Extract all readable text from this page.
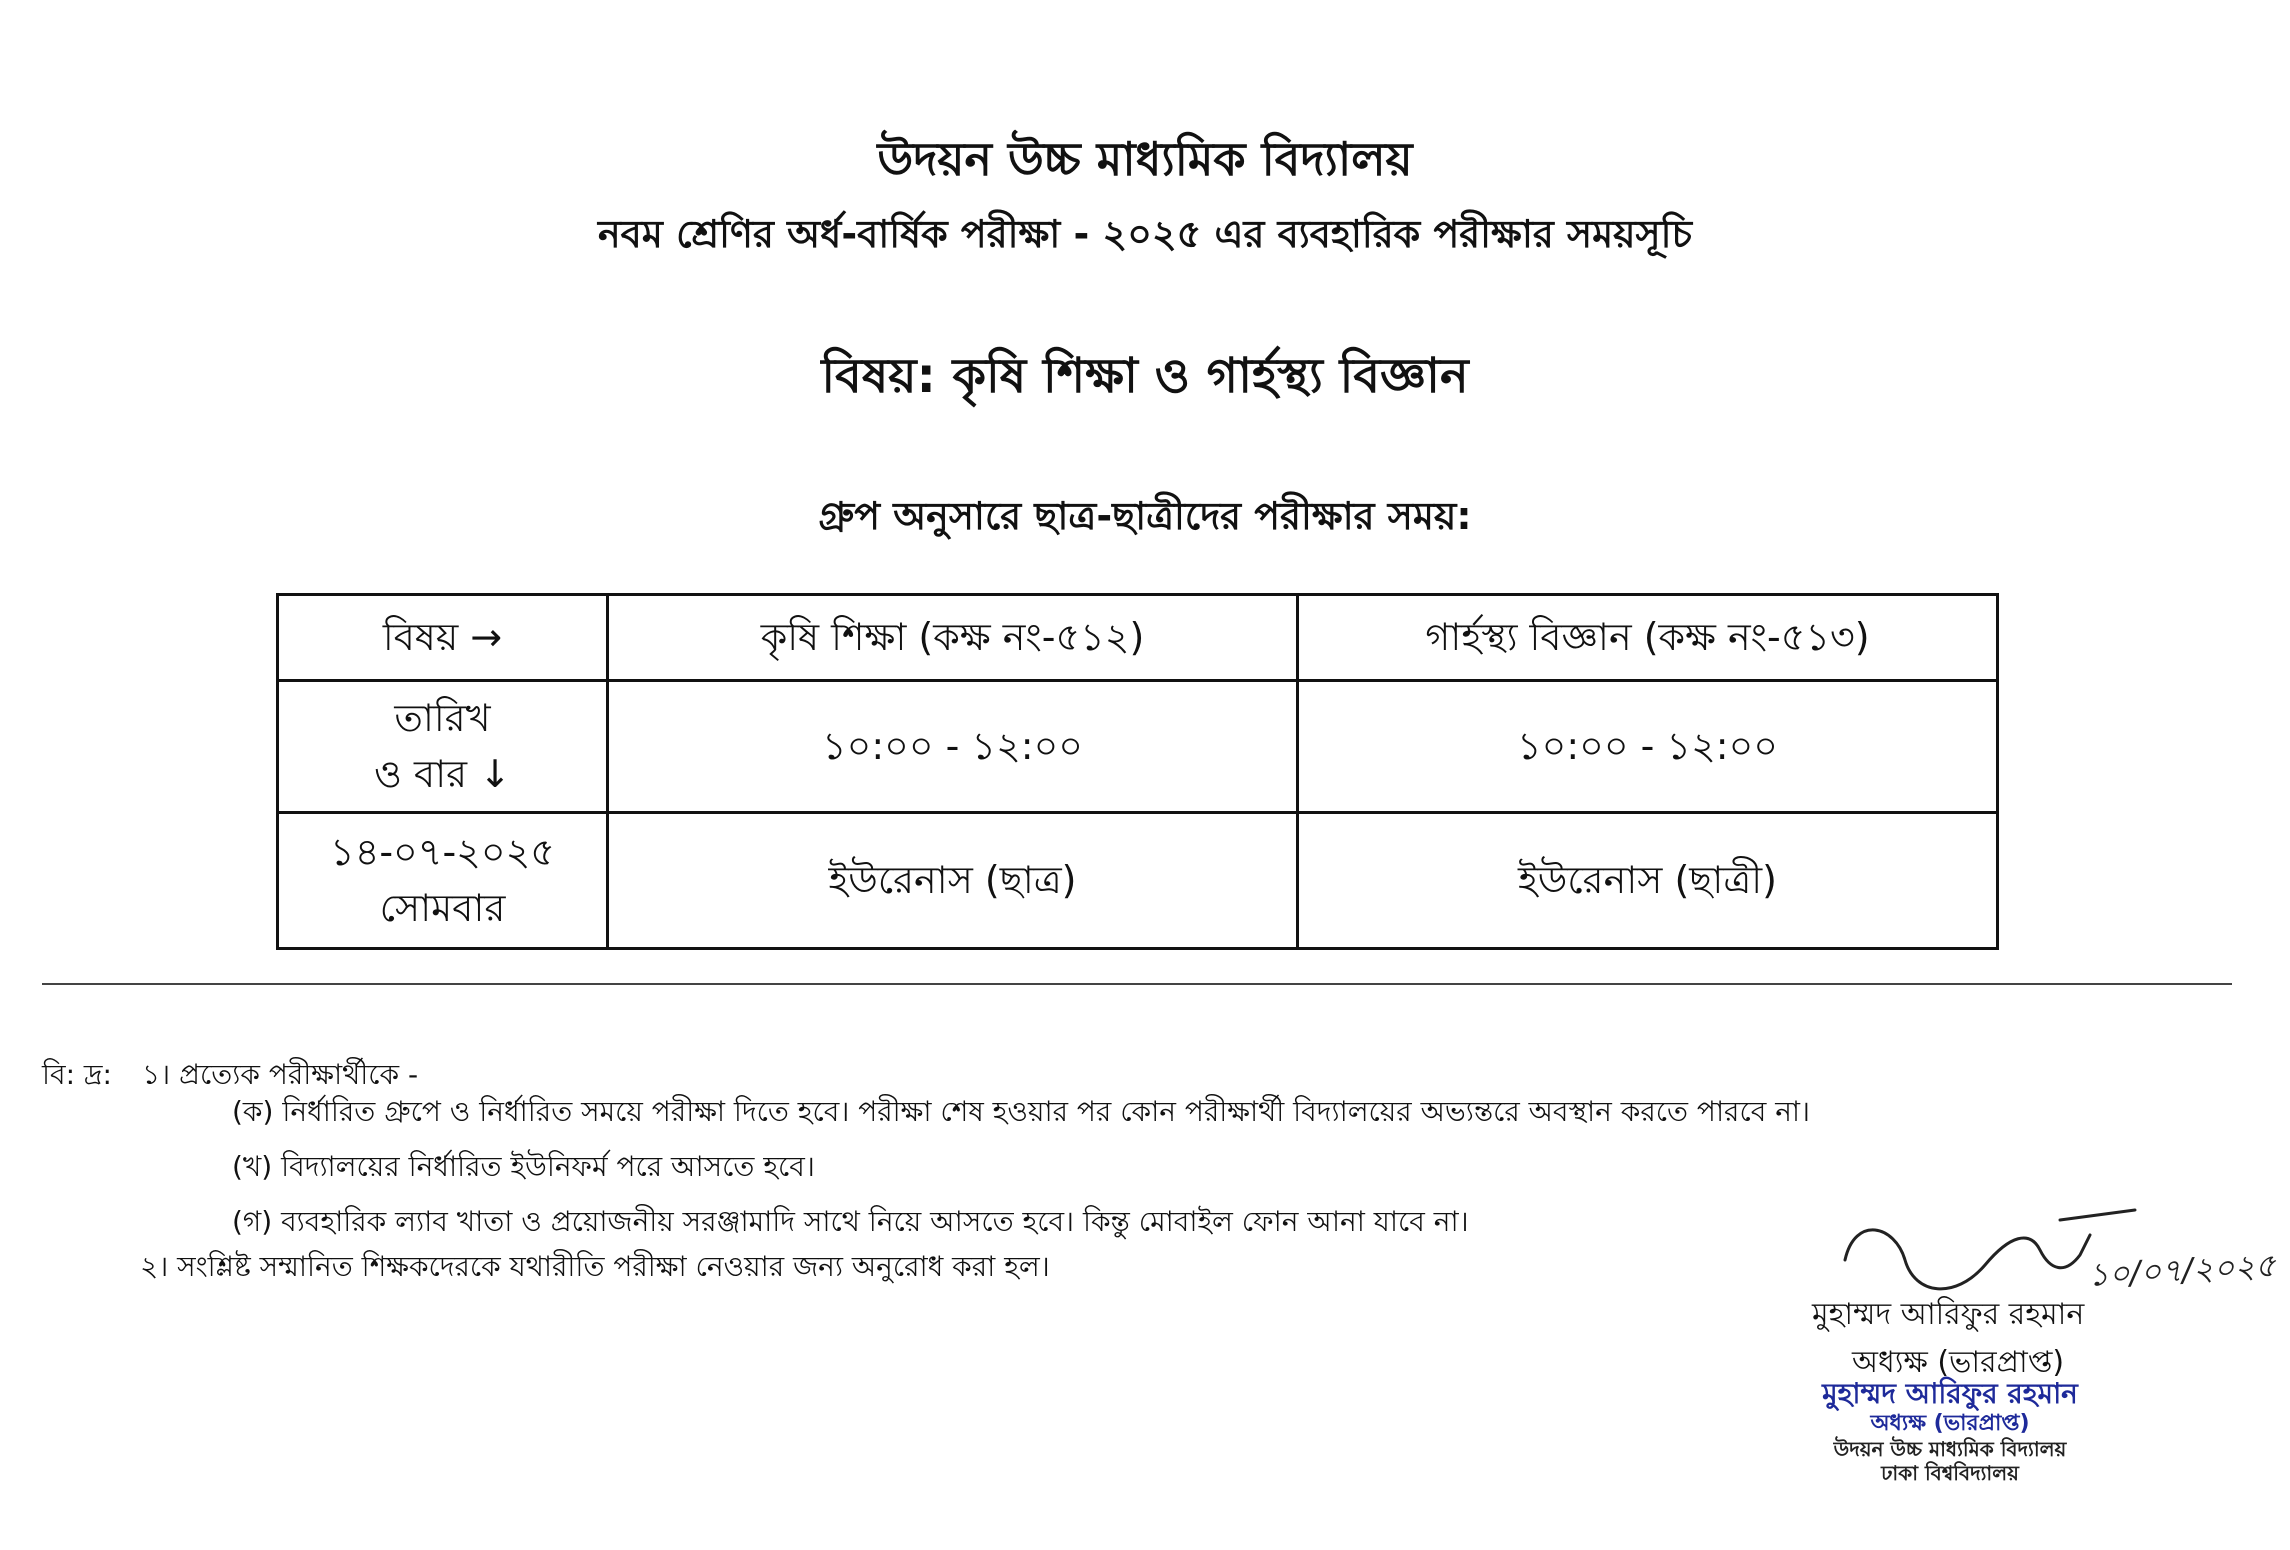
উদয়ন উচ্চ মাধ্যমিক বিদ্যালয়
নবম শ্রেণির অর্ধ-বার্ষিক পরীক্ষা - ২০২৫ এর ব্যবহারিক পরীক্ষার সময়সূচি
বিষয়: কৃষি শিক্ষা ও গার্হস্থ্য বিজ্ঞান
গ্রুপ অনুসারে ছাত্র-ছাত্রীদের পরীক্ষার সময়:
বিষয় →	কৃষি শিক্ষা (কক্ষ নং-৫১২)	গার্হস্থ্য বিজ্ঞান (কক্ষ নং-৫১৩)

তারিখ
ও বার ↓	১০:০০ - ১২:০০	১০:০০ - ১২:০০

১৪-০৭-২০২৫
সোমবার	ইউরেনাস (ছাত্র)	ইউরেনাস (ছাত্রী)
বি: দ্র: ১। প্রত্যেক পরীক্ষার্থীকে -
(ক) নির্ধারিত গ্রুপে ও নির্ধারিত সময়ে পরীক্ষা দিতে হবে। পরীক্ষা শেষ হওয়ার পর কোন পরীক্ষার্থী বিদ্যালয়ের অভ্যন্তরে অবস্থান করতে পারবে না।
(খ) বিদ্যালয়ের নির্ধারিত ইউনিফর্ম পরে আসতে হবে।
(গ) ব্যবহারিক ল্যাব খাতা ও প্রয়োজনীয় সরঞ্জামাদি সাথে নিয়ে আসতে হবে। কিন্তু মোবাইল ফোন আনা যাবে না।
২। সংশ্লিষ্ট সম্মানিত শিক্ষকদেরকে যথারীতি পরীক্ষা নেওয়ার জন্য অনুরোধ করা হল।	১০/০৭/২০২৫
মুহাম্মদ আরিফুর রহমান
অধ্যক্ষ (ভারপ্রাপ্ত)
মুহাম্মদ আরিফুর রহমান
অধ্যক্ষ (ভারপ্রাপ্ত)
উদয়ন উচ্চ মাধ্যমিক বিদ্যালয়
ঢাকা বিশ্ববিদ্যালয়
